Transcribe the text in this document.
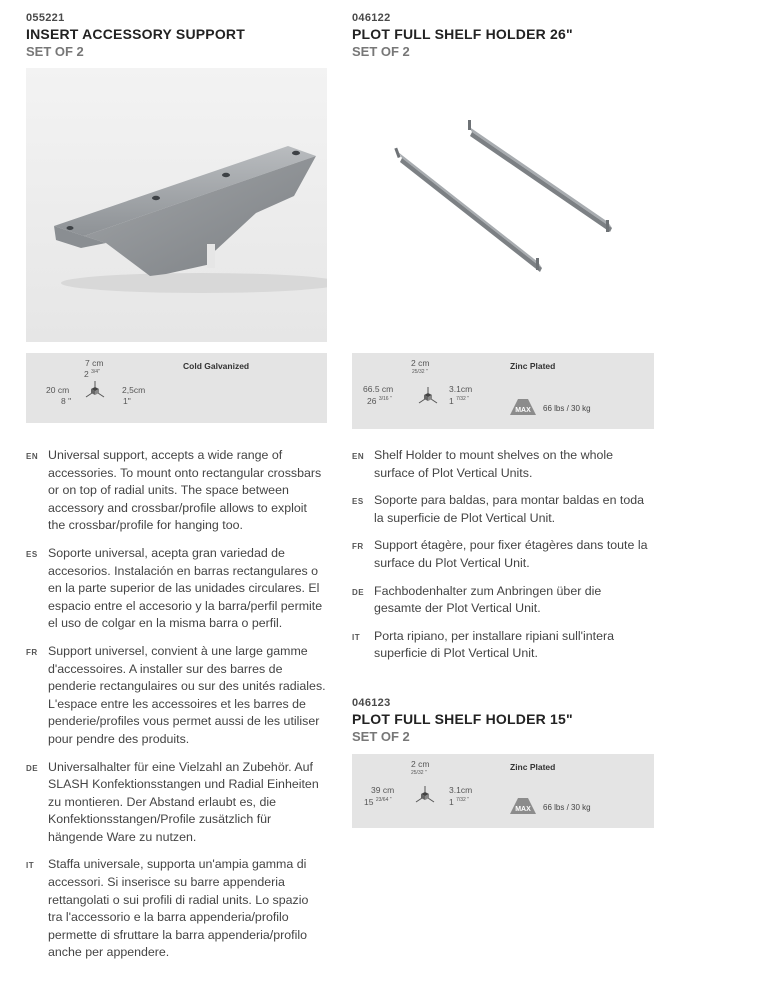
055221
INSERT ACCESSORY SUPPORT
SET OF 2
7 cm
2 $^{3/4"}$
20 cm
8 "
2,5cm
1"
Cold Galvanized
EN Universal support, accepts a wide range of accessories. To mount onto rectangular crossbars or on top of radial units. The space between accessory and crossbar/profile allows to exploit the crossbar/profile for hanging too.
ES Soporte universal, acepta gran variedad de accesorios. Instalación en barras rectangulares o en la parte superior de las unidades circulares. El espacio entre el accesorio y la barra/perfil permite el uso de colgar en la misma barra o perfil.
FR Support universel, convient à une large gamme d'accessoires. A installer sur des barres de penderie rectangulaires ou sur des unités radiales. L'espace entre les accessoires et les barres de penderie/profiles vous permet aussi de les utiliser pour pendre des produits.
DE Universalhalter für eine Vielzahl an Zubehör. Auf SLASH Konfektionsstangen und Radial Einheiten zu montieren. Der Abstand erlaubt es, die Konfektionsstangen/Profile zusätzlich für hängende Ware zu nutzen.
IT Staffa universale, supporta un'ampia gamma di accessori. Si inserisce su barre appenderia rettangolati o sui profili di radial units. Lo spazio tra l'accessorio e la barra appenderia/profilo permette di sfruttare la barra appenderia/profilo anche per appendere.
046122
PLOT FULL SHELF HOLDER 26"
SET OF 2
2 cm
25/32 "
66.5 cm
26 $^{3/16 "}$
3.1cm
1 $^{7/32 "}$
Zinc Plated
MAX 66 lbs / 30 kg
EN Shelf Holder to mount shelves on the whole surface of Plot Vertical Units.
ES Soporte para baldas, para montar baldas en toda la superficie de Plot Vertical Unit.
FR Support étagère, pour fixer étagères dans toute la surface du Plot Vertical Unit.
DE Fachbodenhalter zum Anbringen über die gesamte der Plot Vertical Unit.
IT Porta ripiano, per installare ripiani sull'intera superficie di Plot Vertical Unit.
046123
PLOT FULL SHELF HOLDER 15"
SET OF 2
2 cm
25/32 "
39 cm
15 $^{23/64 "}$
3.1cm
1 $^{7/32 "}$
Zinc Plated
MAX 66 lbs / 30 kg
